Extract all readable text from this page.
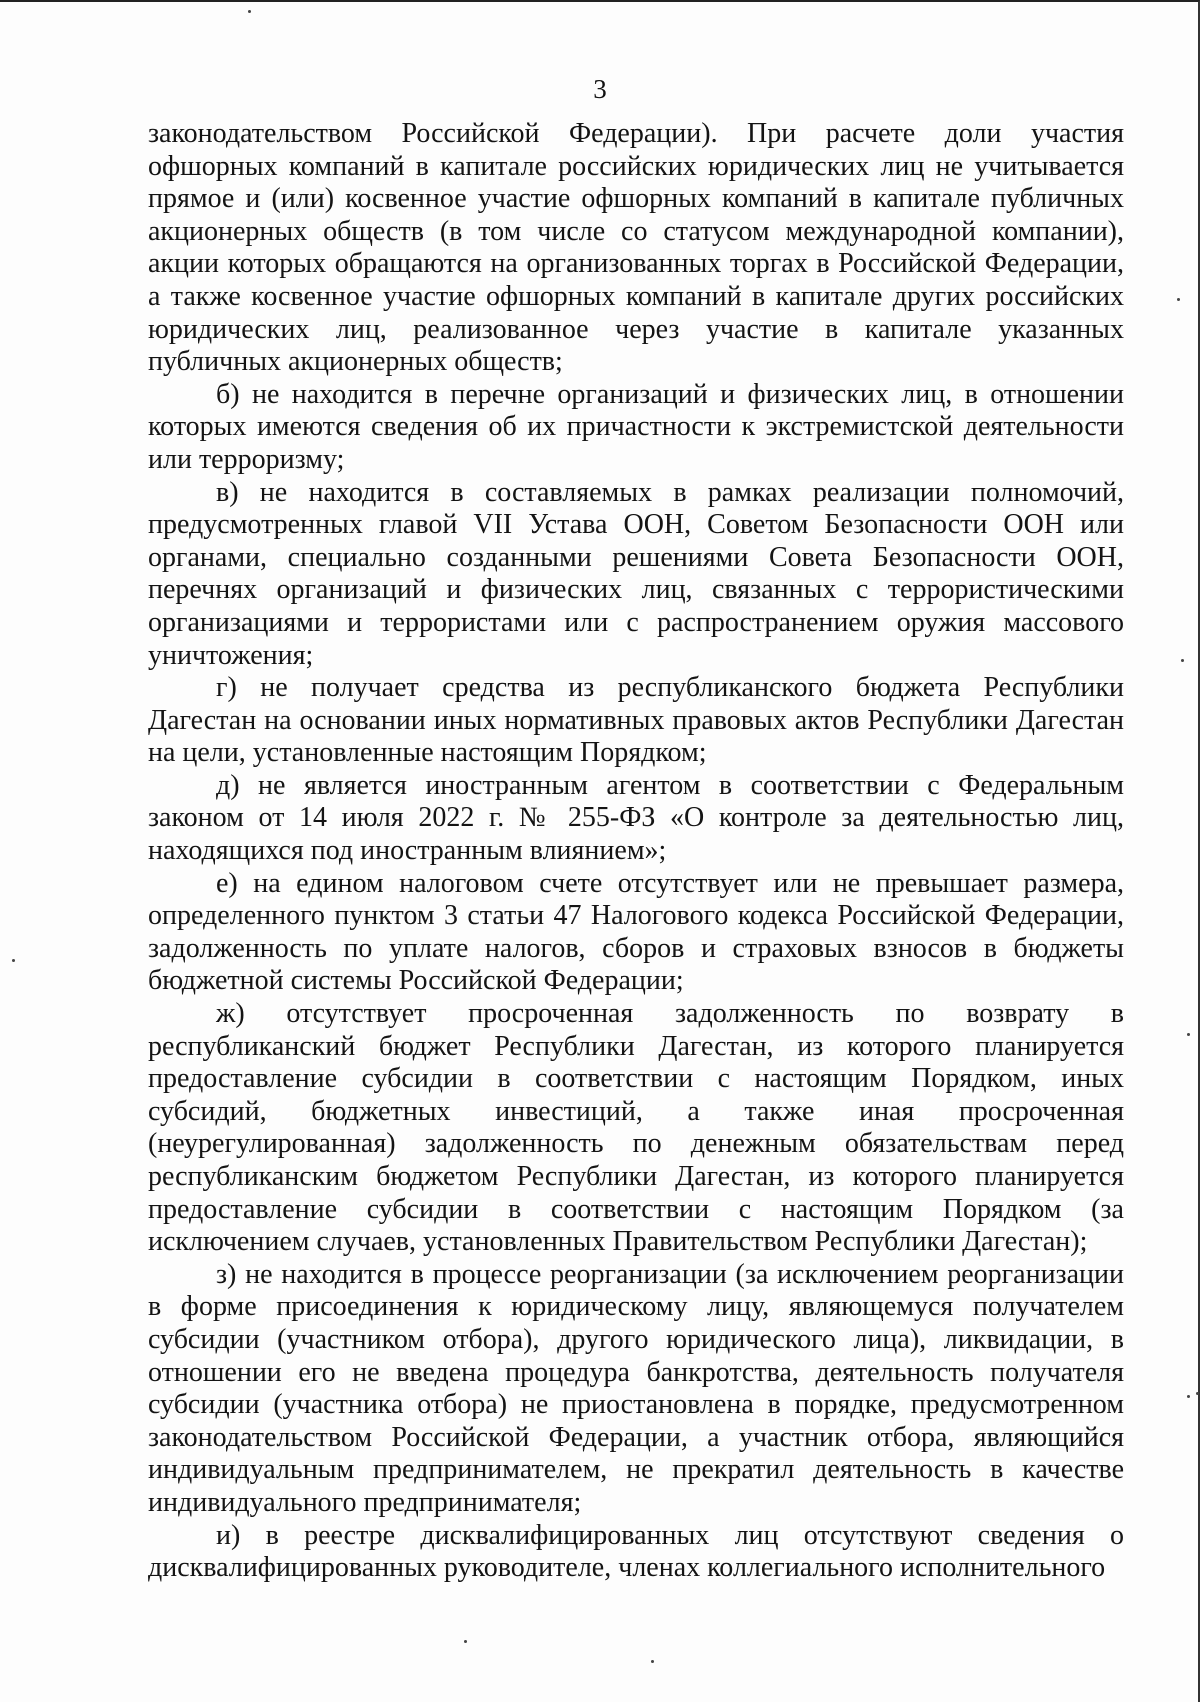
3

законодательством Российской Федерации). При расчете доли участия офшорных компаний в капитале российских юридических лиц не учитывается прямое и (или) косвенное участие офшорных компаний в капитале публичных акционерных обществ (в том числе со статусом международной компании), акции которых обращаются на организованных торгах в Российской Федерации, а также косвенное участие офшорных компаний в капитале других российских юридических лиц, реализованное через участие в капитале указанных публичных акционерных обществ;

б) не находится в перечне организаций и физических лиц, в отношении которых имеются сведения об их причастности к экстремистской деятельности или терроризму;

в) не находится в составляемых в рамках реализации полномочий, предусмотренных главой VII Устава ООН, Советом Безопасности ООН или органами, специально созданными решениями Совета Безопасности ООН, перечнях организаций и физических лиц, связанных с террористическими организациями и террористами или с распространением оружия массового уничтожения;

г) не получает средства из республиканского бюджета Республики Дагестан на основании иных нормативных правовых актов Республики Дагестан на цели, установленные настоящим Порядком;

д) не является иностранным агентом в соответствии с Федеральным законом от 14 июля 2022 г. № 255-ФЗ «О контроле за деятельностью лиц, находящихся под иностранным влиянием»;

е) на едином налоговом счете отсутствует или не превышает размера, определенного пунктом 3 статьи 47 Налогового кодекса Российской Федерации, задолженность по уплате налогов, сборов и страховых взносов в бюджеты бюджетной системы Российской Федерации;

ж) отсутствует просроченная задолженность по возврату в республиканский бюджет Республики Дагестан, из которого планируется предоставление субсидии в соответствии с настоящим Порядком, иных субсидий, бюджетных инвестиций, а также иная просроченная (неурегулированная) задолженность по денежным обязательствам перед республиканским бюджетом Республики Дагестан, из которого планируется предоставление субсидии в соответствии с настоящим Порядком (за исключением случаев, установленных Правительством Республики Дагестан);

з) не находится в процессе реорганизации (за исключением реорганизации в форме присоединения к юридическому лицу, являющемуся получателем субсидии (участником отбора), другого юридического лица), ликвидации, в отношении его не введена процедура банкротства, деятельность получателя субсидии (участника отбора) не приостановлена в порядке, предусмотренном законодательством Российской Федерации, а участник отбора, являющийся индивидуальным предпринимателем, не прекратил деятельность в качестве индивидуального предпринимателя;

и) в реестре дисквалифицированных лиц отсутствуют сведения о дисквалифицированных руководителе, членах коллегиального исполнительного
